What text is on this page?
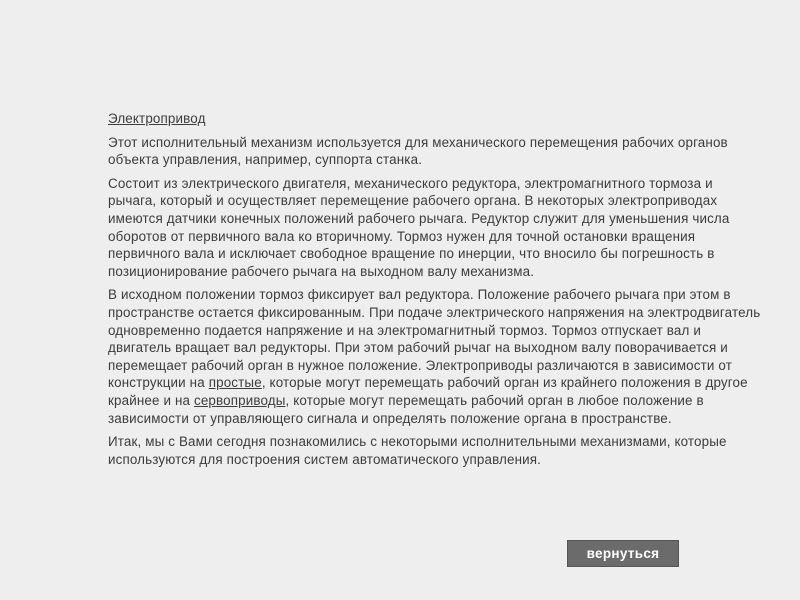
Электропривод

Этот исполнительный механизм используется для механического перемещения рабочих органов объекта управления, например, суппорта станка.

Состоит из электрического двигателя, механического редуктора, электромагнитного тормоза и рычага, который и осуществляет перемещение рабочего органа. В некоторых электроприводах имеются датчики конечных положений рабочего рычага. Редуктор служит для уменьшения числа оборотов от первичного вала ко вторичному. Тормоз нужен для точной остановки вращения первичного вала и исключает свободное вращение по инерции, что вносило бы погрешность в позиционирование рабочего рычага на выходном валу механизма.

В исходном положении тормоз фиксирует вал редуктора. Положение рабочего рычага при этом в пространстве остается фиксированным. При подаче электрического напряжения на электродвигатель одновременно подается напряжение и на электромагнитный тормоз. Тормоз отпускает вал и двигатель вращает вал редукторы. При этом рабочий рычаг на выходном валу поворачивается и перемещает рабочий орган в нужное положение. Электроприводы различаются в зависимости от конструкции на простые, которые могут перемещать рабочий орган из крайнего положения в другое крайнее и на сервоприводы, которые могут перемещать рабочий орган в любое положение в зависимости от управляющего сигнала и определять положение органа в пространстве.

Итак, мы с Вами сегодня познакомились с некоторыми исполнительными механизмами, которые используются для построения систем автоматического управления.

вернуться
